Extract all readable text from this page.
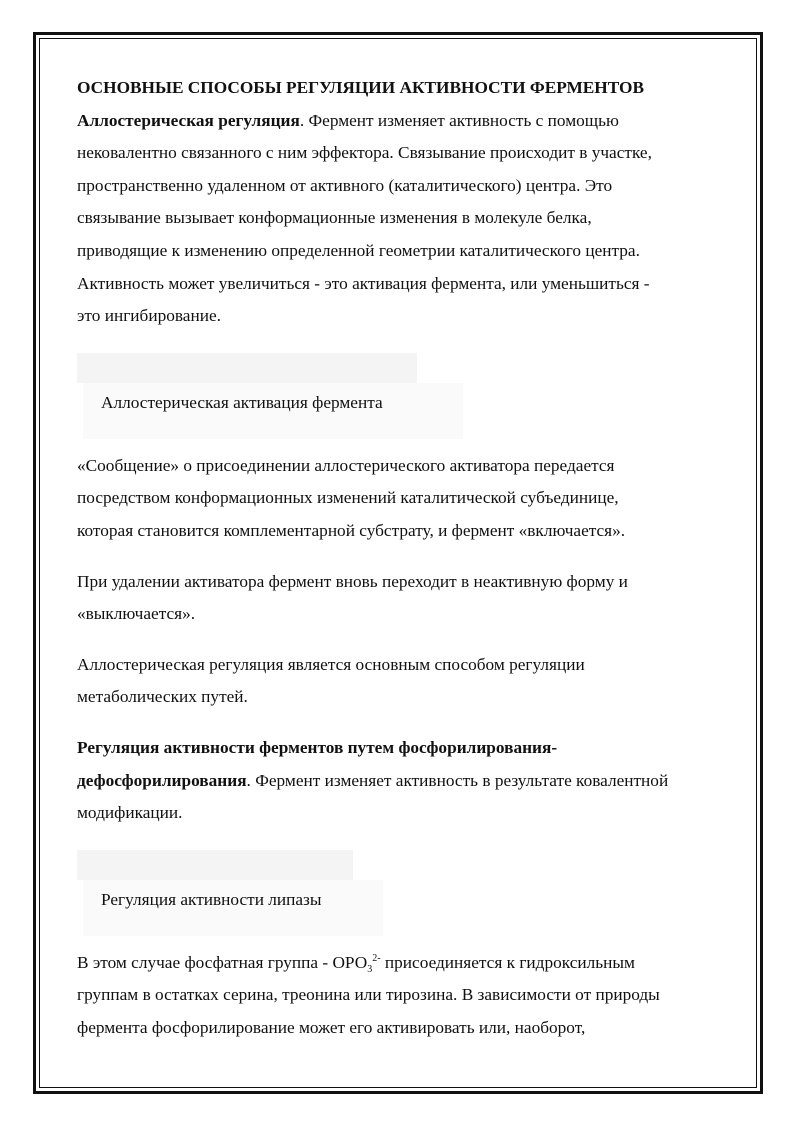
ОСНОВНЫЕ СПОСОБЫ РЕГУЛЯЦИИ АКТИВНОСТИ ФЕРМЕНТОВ

Аллостерическая регуляция. Фермент изменяет активность с помощью
нековалентно связанного с ним эффектора. Связывание происходит в участке,
пространственно удаленном от активного (каталитического) центра. Это
связывание вызывает конформационные изменения в молекуле белка,
приводящие к изменению определенной геометрии каталитического центра.
Активность может увеличиться - это активация фермента, или уменьшиться -
это ингибирование.

Аллостерическая активация фермента

«Сообщение» о присоединении аллостерического активатора передается
посредством конформационных изменений каталитической субъединице,
которая становится комплементарной субстрату, и фермент «включается».

При удалении активатора фермент вновь переходит в неактивную форму и
«выключается».

Аллостерическая регуляция является основным способом регуляции
метаболических путей.

Регуляция активности ферментов путем фосфорилирования-
дефосфорилирования. Фермент изменяет активность в результате ковалентной
модификации.

Регуляция активности липазы

В этом случае фосфатная группа - $ОРО_3^{2-}$ присоединяется к гидроксильным
группам в остатках серина, треонина или тирозина. В зависимости от природы
фермента фосфорилирование может его активировать или, наоборот,
